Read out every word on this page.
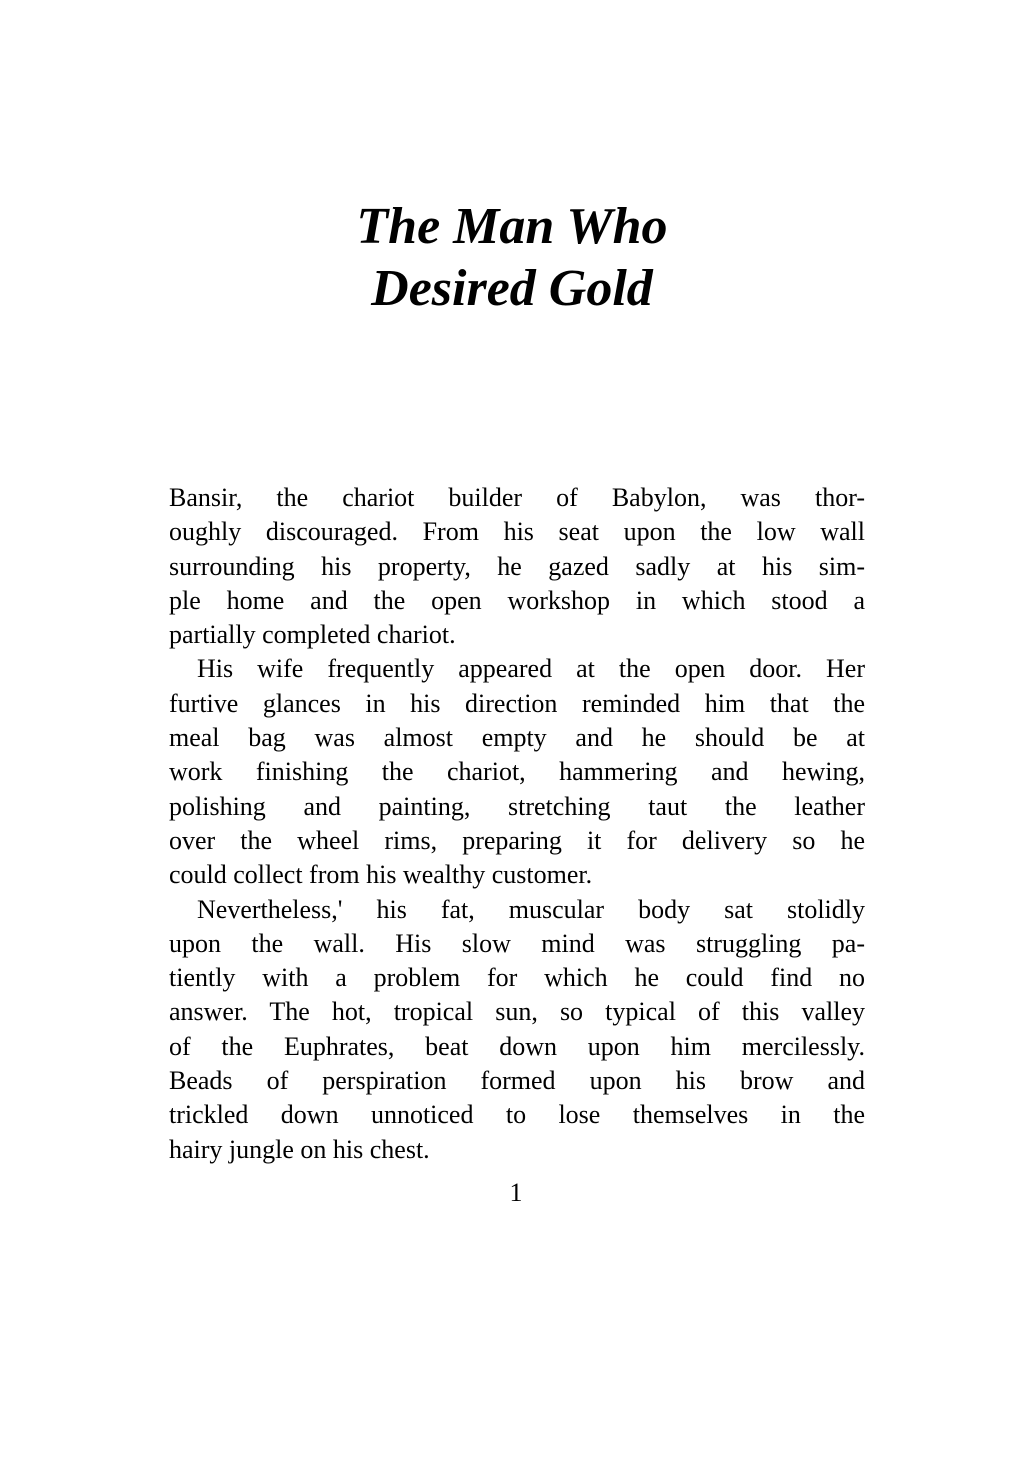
The Man Who
Desired Gold
Bansir, the chariot builder of Babylon, was thor-
oughly discouraged. From his seat upon the low wall
surrounding his property, he gazed sadly at his sim-
ple home and the open workshop in which stood a
partially completed chariot.
His wife frequently appeared at the open door. Her
furtive glances in his direction reminded him that the
meal bag was almost empty and he should be at
work finishing the chariot, hammering and hewing,
polishing and painting, stretching taut the leather
over the wheel rims, preparing it for delivery so he
could collect from his wealthy customer.
Nevertheless,' his fat, muscular body sat stolidly
upon the wall. His slow mind was struggling pa-
tiently with a problem for which he could find no
answer. The hot, tropical sun, so typical of this valley
of the Euphrates, beat down upon him mercilessly.
Beads of perspiration formed upon his brow and
trickled down unnoticed to lose themselves in the
hairy jungle on his chest.
1
